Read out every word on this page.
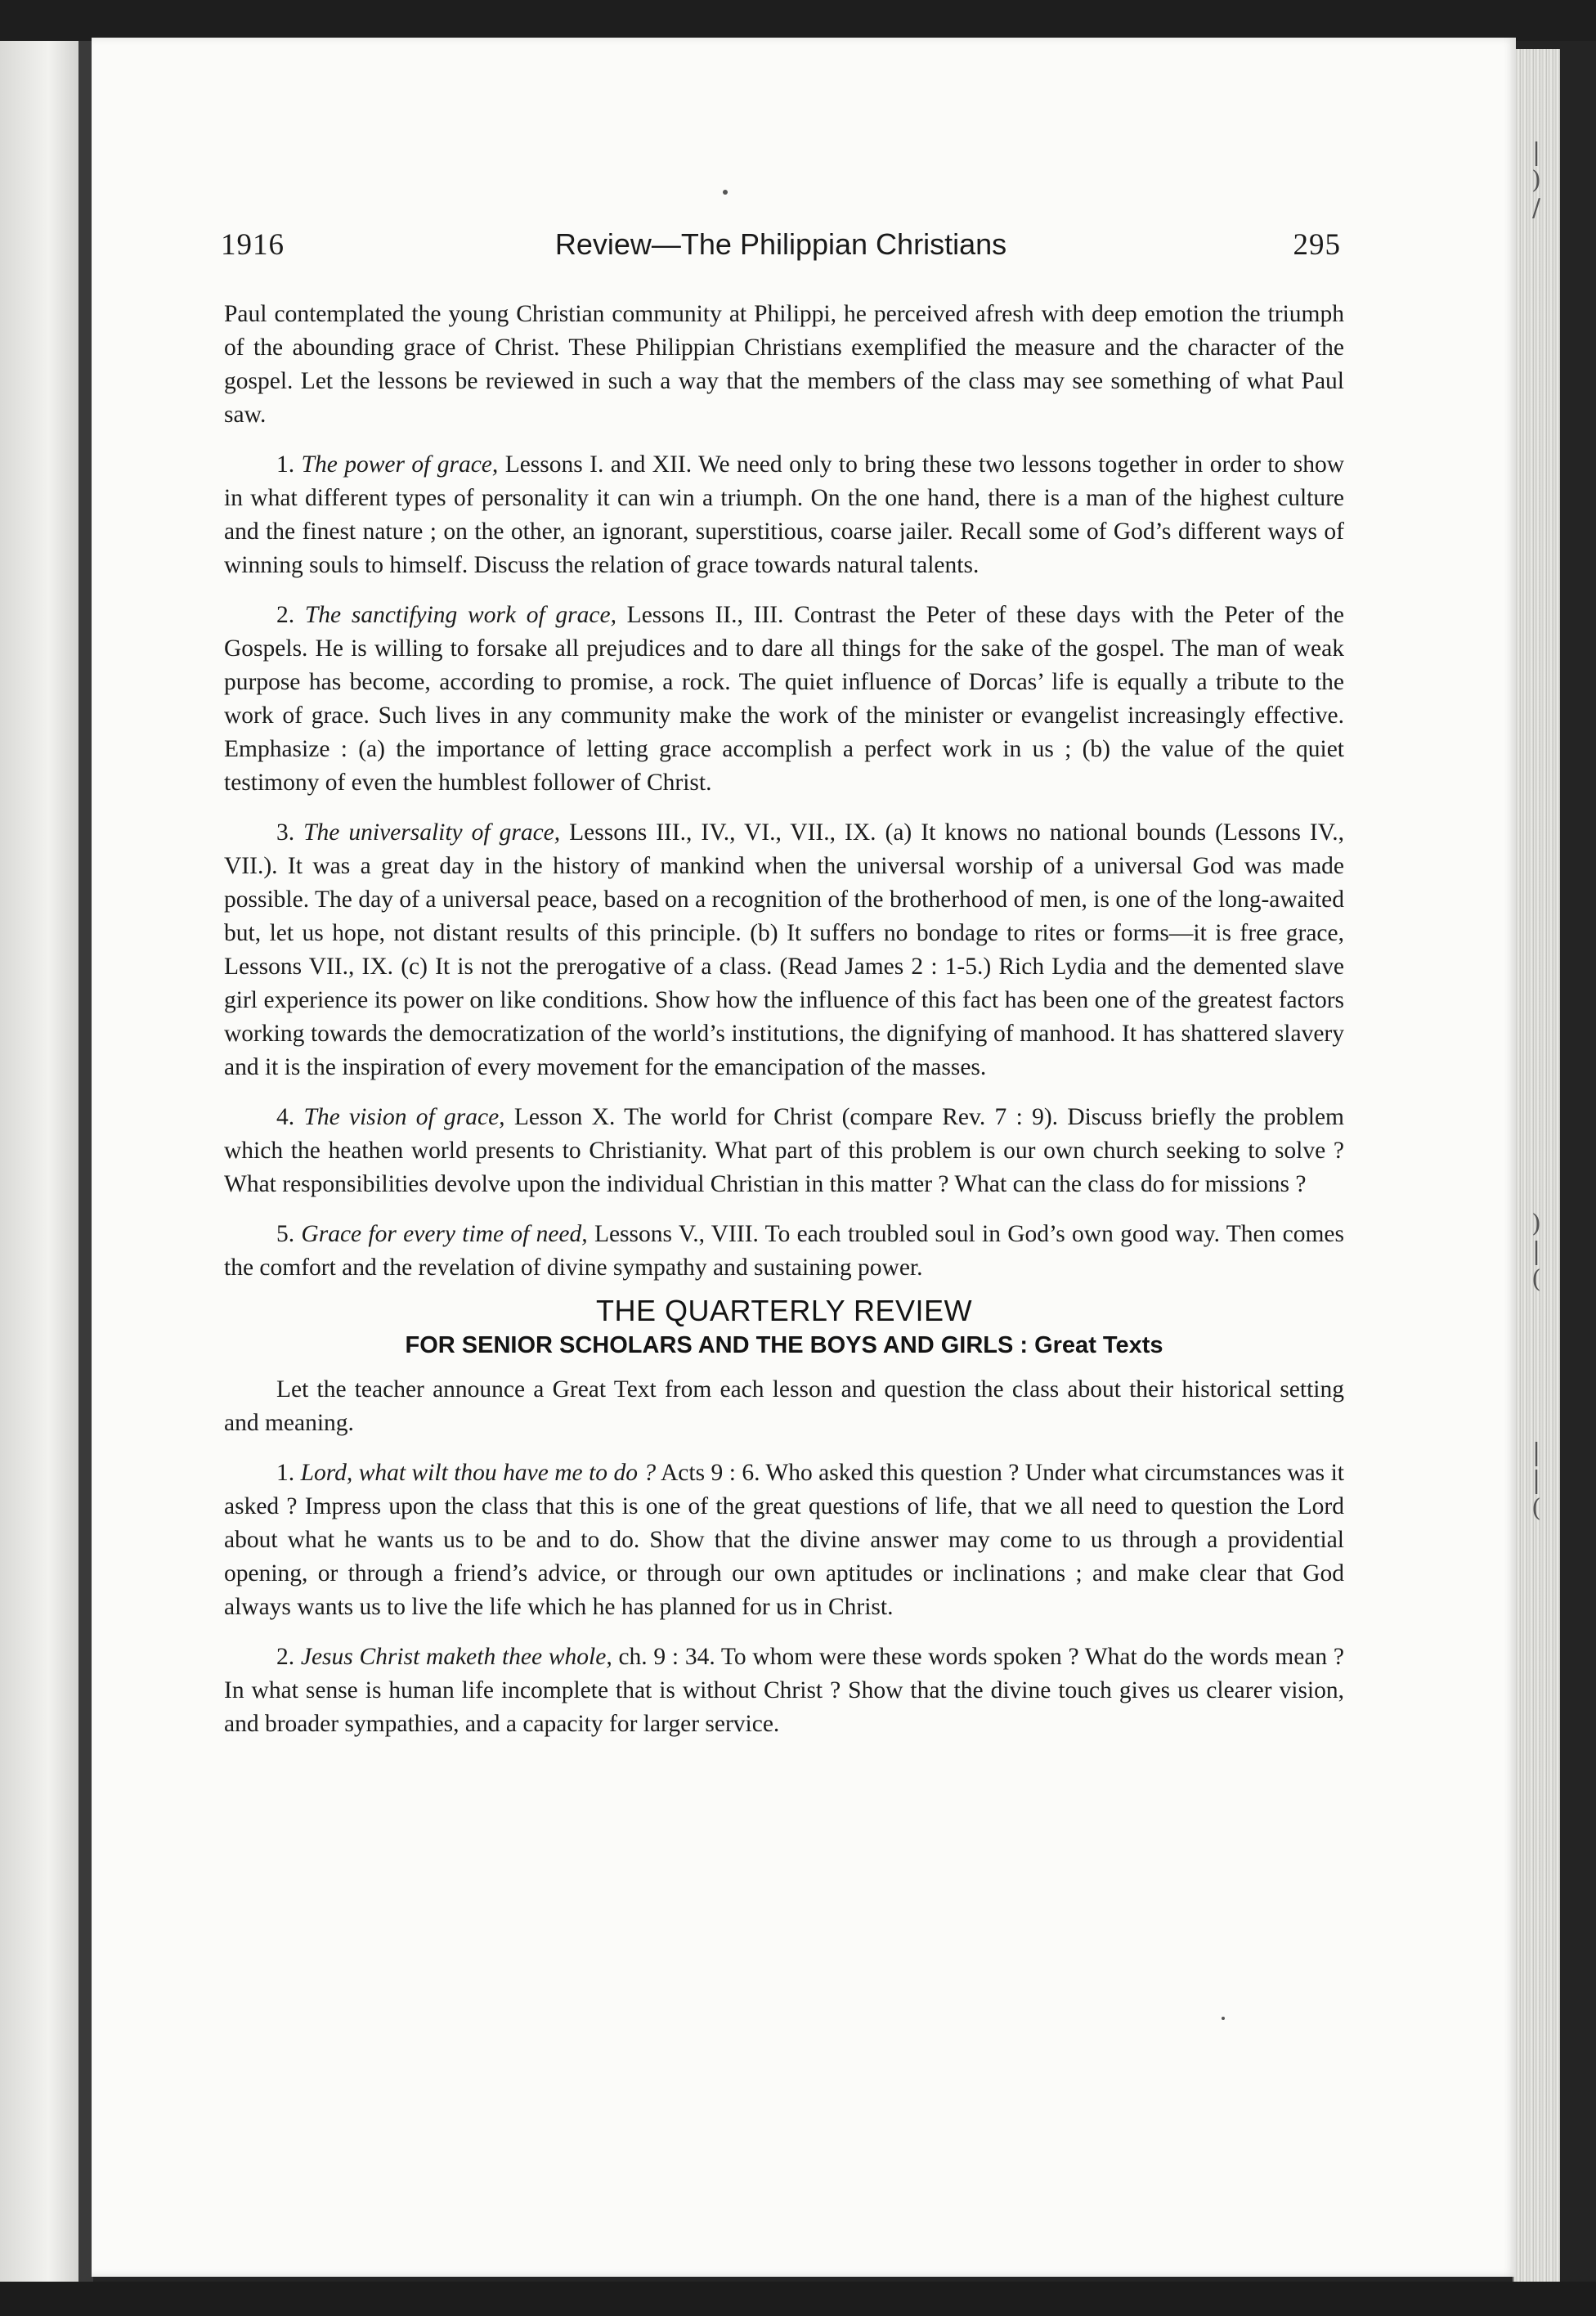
|
)
/
)
|
(
|
|
(
1916	Review—The Philippian Christians	295

Paul contemplated the young Christian community at Philippi, he perceived afresh with deep emotion the triumph of the abounding grace of Christ. These Philippian Christians exemplified the measure and the character of the gospel. Let the lessons be reviewed in such a way that the members of the class may see something of what Paul saw.

1. The power of grace, Lessons I. and XII. We need only to bring these two lessons together in order to show in what different types of personality it can win a triumph. On the one hand, there is a man of the highest culture and the finest nature ; on the other, an ignorant, superstitious, coarse jailer. Recall some of God’s different ways of winning souls to himself. Discuss the relation of grace towards natural talents.

2. The sanctifying work of grace, Lessons II., III. Contrast the Peter of these days with the Peter of the Gospels. He is willing to forsake all prejudices and to dare all things for the sake of the gospel. The man of weak purpose has become, according to promise, a rock. The quiet influence of Dorcas’ life is equally a tribute to the work of grace. Such lives in any community make the work of the minister or evangelist increasingly effective. Emphasize : (a) the importance of letting grace accomplish a perfect work in us ; (b) the value of the quiet testimony of even the humblest follower of Christ.

3. The universality of grace, Lessons III., IV., VI., VII., IX. (a) It knows no national bounds (Lessons IV., VII.). It was a great day in the history of mankind when the universal worship of a universal God was made possible. The day of a universal peace, based on a recognition of the brotherhood of men, is one of the long-awaited but, let us hope, not distant results of this principle. (b) It suffers no bondage to rites or forms—it is free grace, Lessons VII., IX. (c) It is not the prerogative of a class. (Read James 2 : 1-5.) Rich Lydia and the demented slave girl experience its power on like conditions. Show how the influence of this fact has been one of the greatest factors working towards the democratization of the world’s institutions, the dignifying of manhood. It has shattered slavery and it is the inspiration of every movement for the emancipation of the masses.

4. The vision of grace, Lesson X. The world for Christ (compare Rev. 7 : 9). Discuss briefly the problem which the heathen world presents to Christianity. What part of this problem is our own church seeking to solve ? What responsibilities devolve upon the individual Christian in this matter ? What can the class do for missions ?

5. Grace for every time of need, Lessons V., VIII. To each troubled soul in God’s own good way. Then comes the comfort and the revelation of divine sympathy and sustaining power.

THE QUARTERLY REVIEW

FOR SENIOR SCHOLARS AND THE BOYS AND GIRLS : Great Texts

Let the teacher announce a Great Text from each lesson and question the class about their historical setting and meaning.

1. Lord, what wilt thou have me to do ? Acts 9 : 6. Who asked this question ? Under what circumstances was it asked ? Impress upon the class that this is one of the great questions of life, that we all need to question the Lord about what he wants us to be and to do. Show that the divine answer may come to us through a providential opening, or through a friend’s advice, or through our own aptitudes or inclinations ; and make clear that God always wants us to live the life which he has planned for us in Christ.

2. Jesus Christ maketh thee whole, ch. 9 : 34. To whom were these words spoken ? What do the words mean ? In what sense is human life incomplete that is without Christ ? Show that the divine touch gives us clearer vision, and broader sympathies, and a capacity for larger service.
